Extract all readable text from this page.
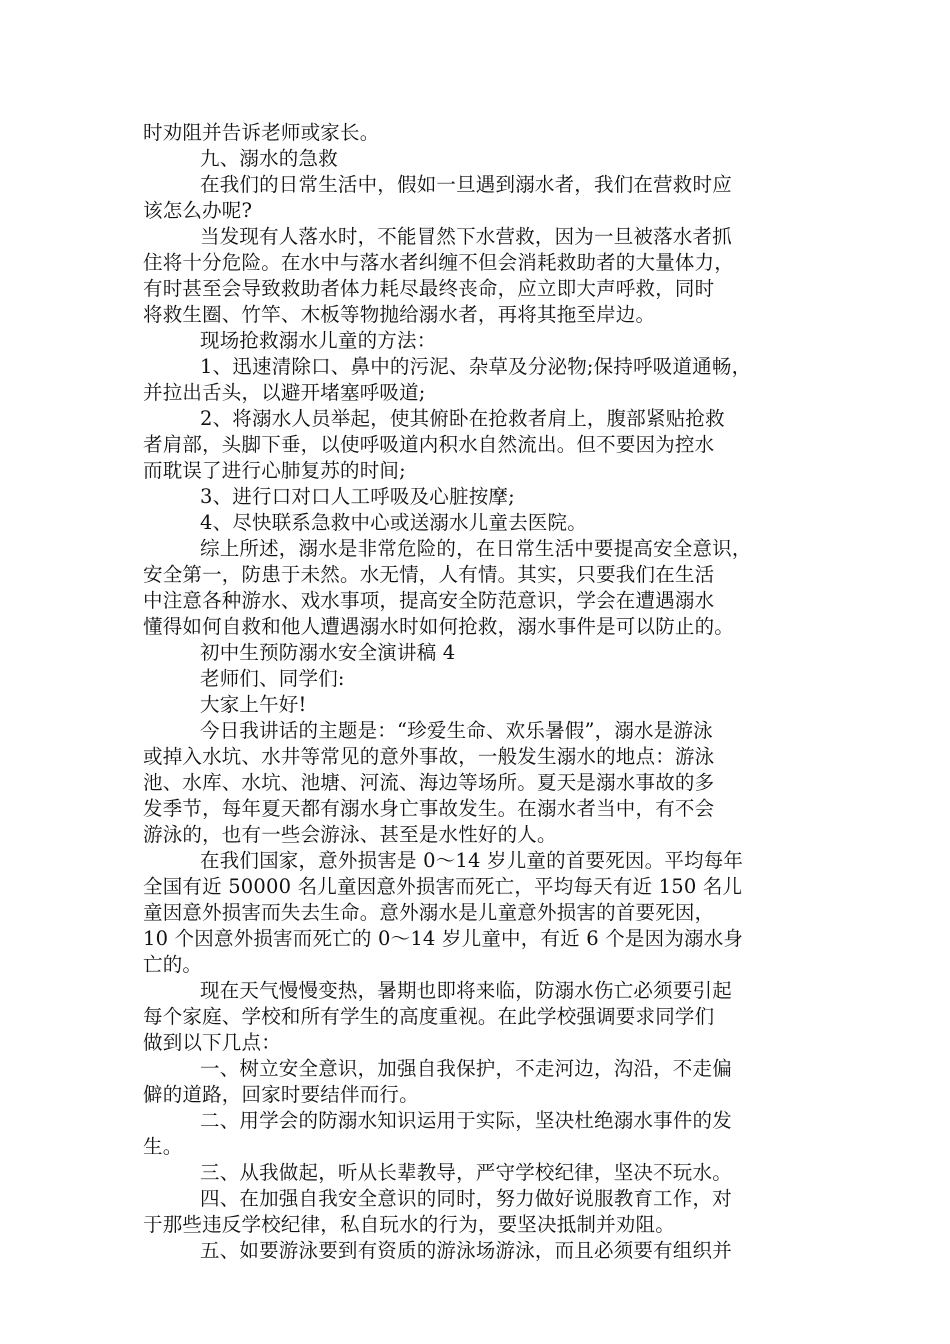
时劝阻并告诉老师或家长。
九、溺水的急救
在我们的日常生活中，假如一旦遇到溺水者，我们在营救时应
该怎么办呢?
当发现有人落水时，不能冒然下水营救，因为一旦被落水者抓
住将十分危险。在水中与落水者纠缠不但会消耗救助者的大量体力，
有时甚至会导致救助者体力耗尽最终丧命，应立即大声呼救，同时
将救生圈、竹竿、木板等物抛给溺水者，再将其拖至岸边。
现场抢救溺水儿童的方法：
1、迅速清除口、鼻中的污泥、杂草及分泌物;保持呼吸道通畅，
并拉出舌头，以避开堵塞呼吸道;
2、将溺水人员举起，使其俯卧在抢救者肩上，腹部紧贴抢救
者肩部，头脚下垂，以使呼吸道内积水自然流出。但不要因为控水
而耽误了进行心肺复苏的时间;
3、进行口对口人工呼吸及心脏按摩;
4、尽快联系急救中心或送溺水儿童去医院。
综上所述，溺水是非常危险的，在日常生活中要提高安全意识，
安全第一，防患于未然。水无情，人有情。其实，只要我们在生活
中注意各种游水、戏水事项，提高安全防范意识，学会在遭遇溺水
懂得如何自救和他人遭遇溺水时如何抢救，溺水事件是可以防止的。
初中生预防溺水安全演讲稿 4
老师们、同学们:
大家上午好!
今日我讲话的主题是：“珍爱生命、欢乐暑假”，溺水是游泳
或掉入水坑、水井等常见的意外事故，一般发生溺水的地点：游泳
池、水库、水坑、池塘、河流、海边等场所。夏天是溺水事故的多
发季节，每年夏天都有溺水身亡事故发生。在溺水者当中，有不会
游泳的，也有一些会游泳、甚至是水性好的人。
在我们国家，意外损害是 0～14 岁儿童的首要死因。平均每年
全国有近 50000 名儿童因意外损害而死亡，平均每天有近 150 名儿
童因意外损害而失去生命。意外溺水是儿童意外损害的首要死因，
10 个因意外损害而死亡的 0～14 岁儿童中，有近 6 个是因为溺水身
亡的。
现在天气慢慢变热，暑期也即将来临，防溺水伤亡必须要引起
每个家庭、学校和所有学生的高度重视。在此学校强调要求同学们
做到以下几点：
一、树立安全意识，加强自我保护，不走河边，沟沿，不走偏
僻的道路，回家时要结伴而行。
二、用学会的防溺水知识运用于实际，坚决杜绝溺水事件的发
生。
三、从我做起，听从长辈教导，严守学校纪律，坚决不玩水。
四、在加强自我安全意识的同时，努力做好说服教育工作，对
于那些违反学校纪律，私自玩水的行为，要坚决抵制并劝阻。
五、如要游泳要到有资质的游泳场游泳，而且必须要有组织并
